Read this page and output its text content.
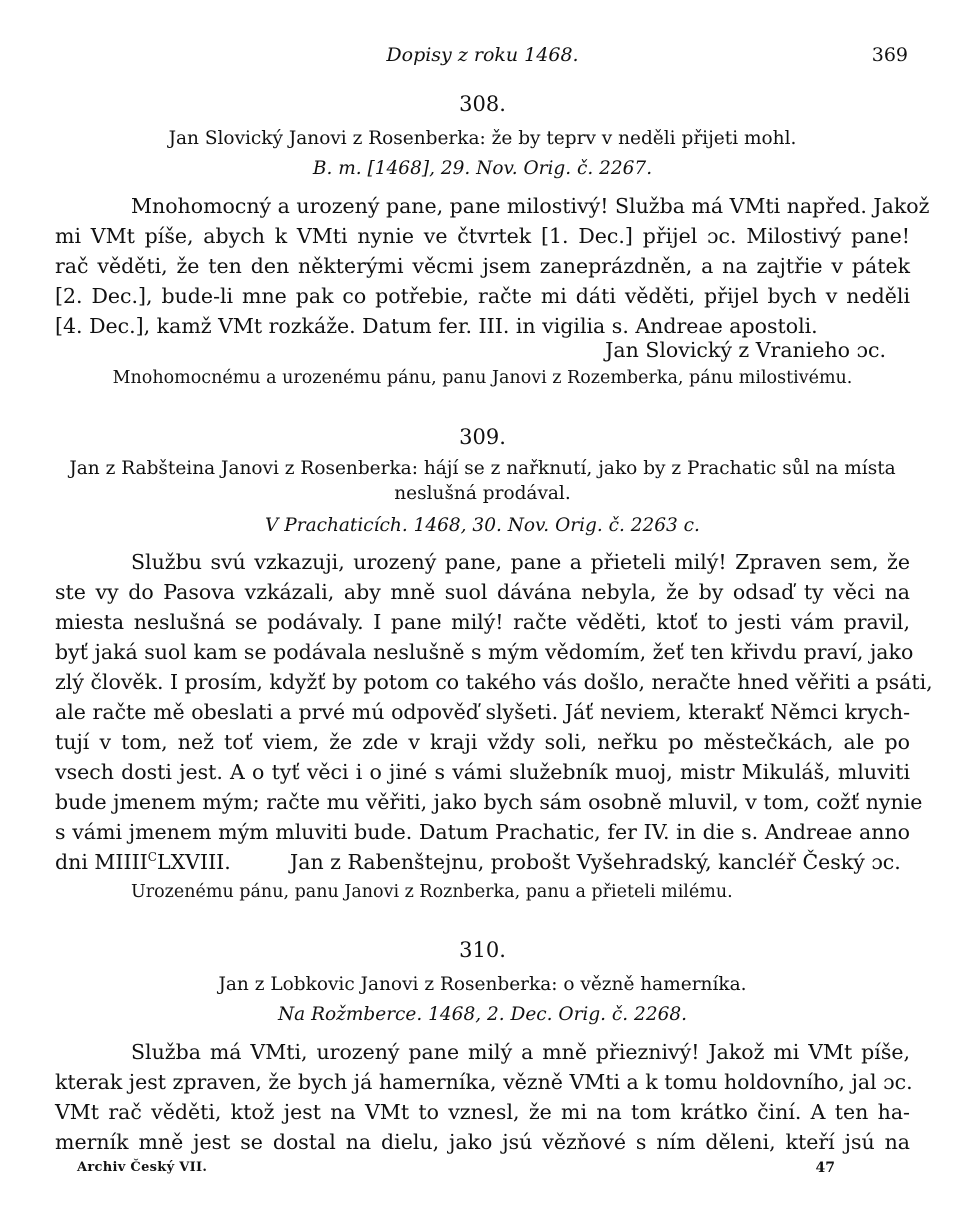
Dopisy z roku 1468.	369
308.
Jan Slovický Janovi z Rosenberka: že by teprv v neděli přijeti mohl.
B. m. [1468], 29. Nov. Orig. č. 2267.
Mnohomocný a urozený pane, pane milostivý! Služba má VMti napřed. Jakož
mi VMt píše, abych k VMti nynie ve čtvrtek [1. Dec.] přijel ɔc. Milostivý pane!
rač věděti, že ten den některými věcmi jsem zaneprázdněn, a na zajtřie v pátek
[2. Dec.], bude-li mne pak co potřebie, račte mi dáti věděti, přijel bych v neděli
[4. Dec.], kamž VMt rozkáže. Datum fer. III. in vigilia s. Andreae apostoli.
Jan Slovický z Vranieho ɔc.
Mnohomocnému a urozenému pánu, panu Janovi z Rozemberka, pánu milostivému.
309.
Jan z Rabšteina Janovi z Rosenberka: hájí se z nařknutí, jako by z Prachatic sůl na místa
neslušná prodával.
V Prachaticích. 1468, 30. Nov. Orig. č. 2263 c.
Službu svú vzkazuji, urozený pane, pane a přieteli milý! Zpraven sem, že
ste vy do Pasova vzkázali, aby mně suol dávána nebyla, že by odsaď ty věci na
miesta neslušná se podávaly. I pane milý! račte věděti, ktoť to jesti vám pravil,
byť jaká suol kam se podávala neslušně s mým vědomím, žeť ten křivdu praví, jako
zlý člověk. I prosím, kdyžť by potom co takého vás došlo, neračte hned věřiti a psáti,
ale račte mě obeslati a prvé mú odpověď slyšeti. Jáť neviem, kterakť Němci krych-
tují v tom, než toť viem, že zde v kraji vždy soli, neřku po městečkách, ale po
vsech dosti jest. A o tyť věci i o jiné s vámi služebník muoj, mistr Mikuláš, mluviti
bude jmenem mým; račte mu věřiti, jako bych sám osobně mluvil, v tom, cožť nynie
s vámi jmenem mým mluviti bude. Datum Prachatic, fer IV. in die s. Andreae anno
dni $MIIII^CLXVIII$.	Jan z Rabenštejnu, probošt Vyšehradský, kancléř Český ɔc.
Urozenému pánu, panu Janovi z Roznberka, panu a přieteli milému.
310.
Jan z Lobkovic Janovi z Rosenberka: o vězně hamerníka.
Na Rožmberce. 1468, 2. Dec. Orig. č. 2268.
Služba má VMti, urozený pane milý a mně přieznivý! Jakož mi VMt píše,
kterak jest zpraven, že bych já hamerníka, vězně VMti a k tomu holdovního, jal ɔc.
VMt rač věděti, ktož jest na VMt to vznesl, že mi na tom krátko činí. A ten ha-
merník mně jest se dostal na dielu, jako jsú vězňové s ním děleni, kteří jsú na
Archiv Český VII.	47
